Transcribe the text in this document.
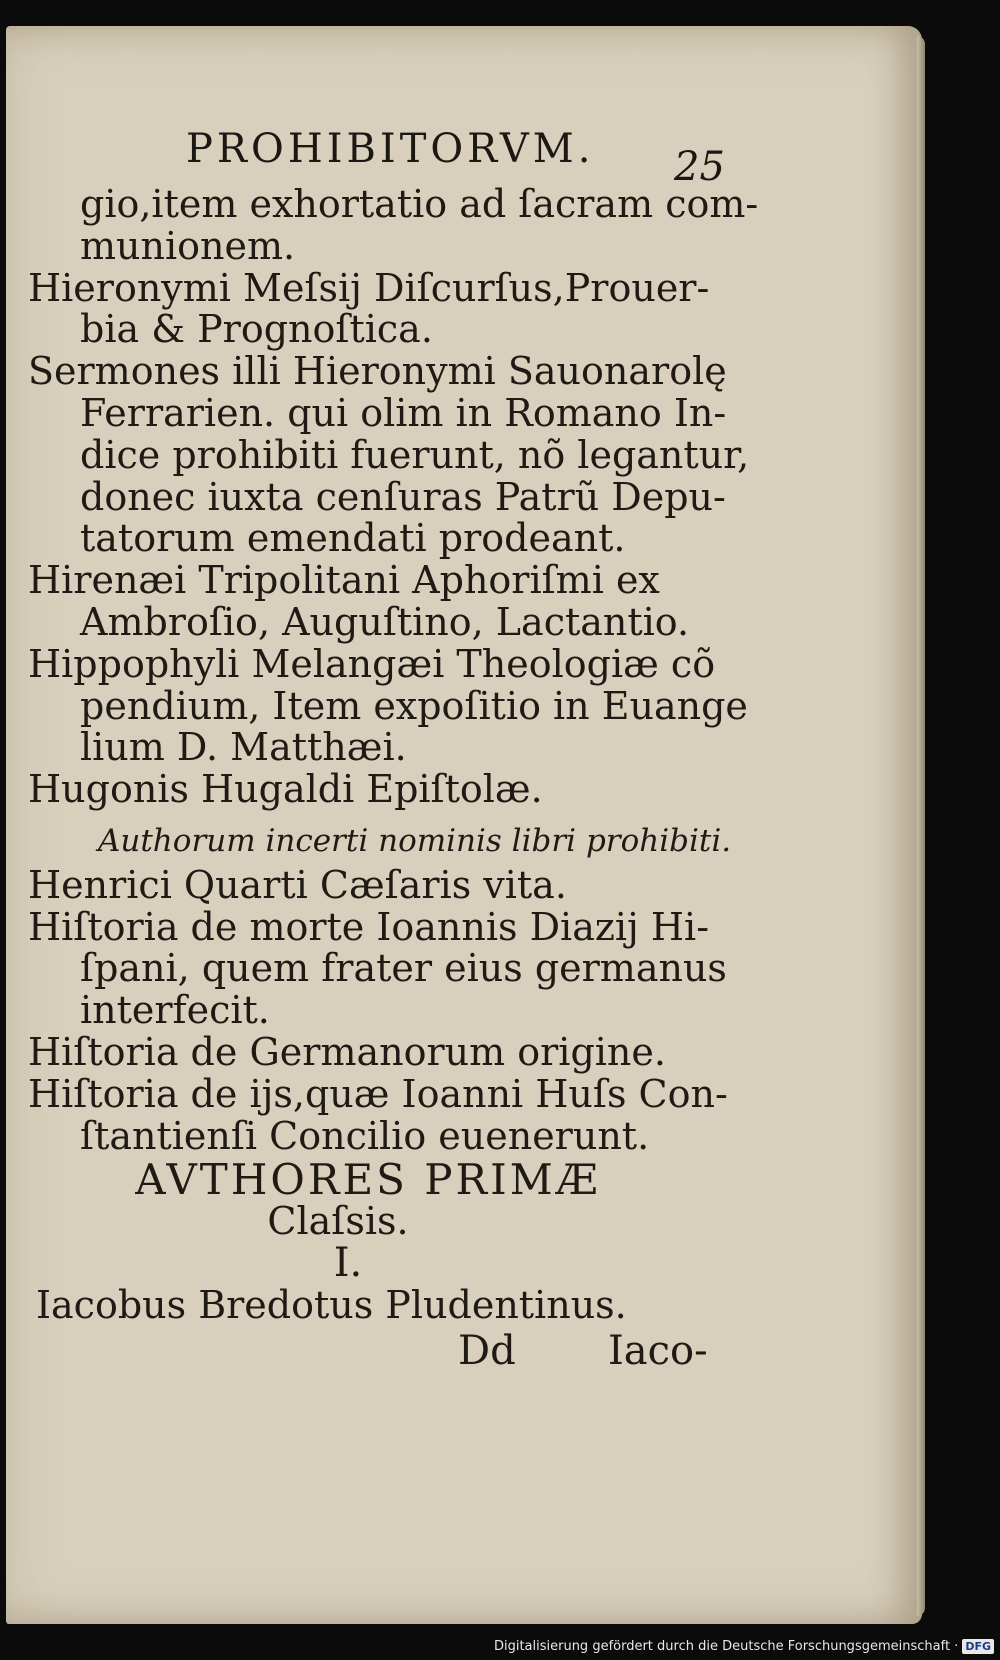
PROHIBITORVM. 25
gio,item exhortatio ad ſacram com-
munionem.
Hieronymi Meſsij Diſcurſus,Prouer-
bia & Prognoſtica.
Sermones illi Hieronymi Sauonarolę
Ferrarien. qui olim in Romano In-
dice prohibiti fuerunt, nõ legantur,
donec iuxta cenſuras Patrũ Depu-
tatorum emendati prodeant.
Hirenæi Tripolitani Aphoriſmi ex
Ambroſio, Auguſtino, Lactantio.
Hippophyli Melangæi Theologiæ cõ
pendium, Item expoſitio in Euange
lium D. Matthæi.
Hugonis Hugaldi Epiſtolæ.
Authorum incerti nominis libri prohibiti.
Henrici Quarti Cæſaris vita.
Hiſtoria de morte Ioannis Diazij Hi-
ſpani, quem frater eius germanus
interfecit.
Hiſtoria de Germanorum origine.
Hiſtoria de ijs,quæ Ioanni Huſs Con-
ſtantienſi Concilio euenerunt.
AVTHORES PRIMÆ
Claſsis.
I.
Iacobus Bredotus Pludentinus.
Dd Iaco-
Digitalisierung gefördert durch die Deutsche Forschungsgemeinschaft · DFG
